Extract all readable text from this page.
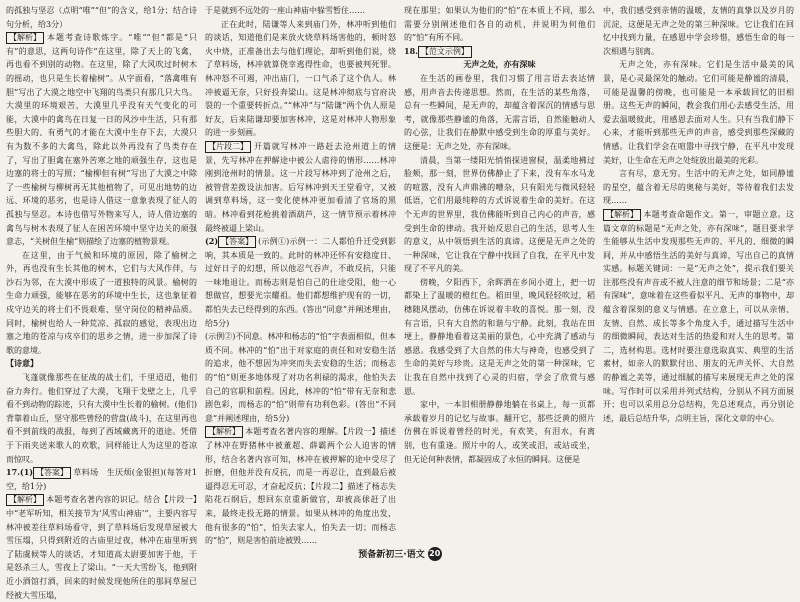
的孤独与坚忍（点明“唯”“但”的含义，给1分；结合诗句分析，给3分）

【解析】 本题考查诗歌炼字。“唯”“但”都是“只有”的意思，这两句诗作“在这里，除了天上的飞禽，再也看不到别的动物。在这里，除了大风吹过时树木的摇动，也只是生长着榆树”。从字面看，“落禽唯有胆”写出了大漠之地空中飞翔的鸟类只有那几只大鸟。大漠里的环境艰苦，大漠里几乎没有天气变化的可能，大漠中的禽鸟在日复一日的风沙中生活，只有那些胆大的、有勇气的才能在大漠中生存下去，大漠只有为数不多的大禽鸟，除此以外再没有了鸟类存在了，写出了胆禽在塞外苦寒之地的顽强生存，这也是边塞的将士的写照；“榆柳但有树”写出了大漠之中除了一些榆树与柳树再无其他植物了，可见出地势的边远、环境的恶劣，也是诗人借这一意象表现了征人的孤独与坚忍。本诗也借写外物来写人，诗人借边塞的禽鸟与树木表现了征人在困苦环境中坚守边关的顽强意志，“关树但生榆”则描绘了边塞的植物景观。

在这里，由于气候和环境的原因，除了榆树之外，再也没有生长其他的树木，它们与大风作伴，与沙石为邻，在大漠中形成了一道独特的风景。榆树的生命力顽强，能够在恶劣的环境中生长，这也象征着戍守边关的将士们不畏艰难、坚守岗位的精神品质。同时，榆树也给人一种荒凉、孤寂的感觉，表现出边塞之地的苍凉与戍卒们的思乡之情，进一步加深了诗歌的意境。

【诗意】

飞蓬就像那些在征战的战士们，千里迢迢，他们奋力奔行。他们穿过了大漠，飞翔于戈壁之上，几乎看不到动物的踪迹，只有大漠中生长着的榆树。(他们)背靠着山丘，坚守那些曾经的营盘(战斗)，在这里再也看不到前线的战报，每到了西域藏离开的道途。凭借于下雨夹送来歌人的欢歌，同样能让人为这里的苍凉而惊叹。

17.(1) 【答案】 草料场　生厌烦(金银担)(每答对1空，给1分)

【解析】 本题考查名著内容的识记。结合【片段一】中“老军听知，相关接节为‘风雪山神庙’”，主要内容写林冲被差往草料场看守，到了草料场后发现草屋被大雪压塌，只得到附近的古庙里过夜，林冲在庙里听到了陆虞候等人的谈话，才知道高太尉要加害于他，于是怒杀三人，雪夜上了梁山。“一天大雪纷飞，他到附近小酒馆打酒，回来的时候发现他所住的那间草屋已经被大雪压塌，

于是就到不远处的一座山神庙中躲雪暂住……

正在此时，陆谦等人来到庙门外，林冲听到他们的谈话，知道他们是来放火烧草料场害他的，顿时怒火中烧，正准备出去与他们理论，却听到他们说，烧了草料场，林冲就算侥幸逃得性命，也要被判死罪。林冲怒不可遏，冲出庙门，一口气杀了这个仇人。林冲被逼无奈，只好投奔梁山。这是林冲彻底与官府决裂的一个重要转折点。”“林冲”与“陆谦”两个仇人原是好友，后来陆谦却要加害林冲，这是对林冲人物形象的进一步刻画。

【片段二】 开篇就写林冲一路赶去沧州道上的情景，先写林冲在押解途中被公人虐待的情形……林冲刚到沧州时的情景。这一片段写林冲到了沧州之后，被管营差拨设法加害。后写林冲到天王堂看守，又被调到草料场，这一变化使林冲更加看清了官场的黑暗。林冲看到花枪挑着酒葫芦，这一情节预示着林冲最终被逼上梁山。

(2) 【答案】 (示例①)示例一：二人都怕升迁受到影响，其本质是一致的。此时的林冲还怀有安稳度日、过好日子的幻想，所以他忍气吞声，不敢反抗，只能一味地退让。而杨志则是怕自己的仕途受阻，他一心想做官，想要光宗耀祖。他们都想维护现有的一切，都怕失去已经得到的东西。(答出“同意”并阐述理由，给5分)

(示例②)不同意。林冲和杨志的“怕”字表面相似，但本质不同。林冲的“怕”出于对家庭的责任和对安稳生活的追求，他不想因为冲突而失去安稳的生活；而杨志的“怕”则更多地体现了对功名利禄的渴求，他怕失去自己的官职和前程。因此，林冲的“怕”带有无奈和悲剧色彩，而杨志的“怕”则带有功利色彩。(答出“不同意”并阐述理由，给5分)

【解析】 本题考查名著内容的理解。【片段一】描述了林冲在野猪林中被董超、薛霸两个公人迫害的情形，结合名著内容可知，林冲在被押解的途中受尽了折磨，但他并没有反抗，而是一再忍让，直到最后被逼得忍无可忍，才奋起反抗；【片段二】描述了杨志失陷花石纲后，想回东京重新做官，却被高俅赶了出来，最终走投无路的情景。如果从林冲的角度出发，他有很多的“怕”，怕失去家人，怕失去一切；而杨志的“怕”，则是害怕前途被毁……

现在那里；如果认为他们的“怕”在本质上不同，那么需要分别阐述他们各自的动机，并说明为何他们的“怕”有所不同。

18. 【范文示例】

无声之处，亦有深味

在生活的画卷里，我们习惯了用言语去表达情感，用声音去传递思想。然而，在生活的某些角落，总有一些瞬间，是无声的，却蕴含着深沉的情感与思考，就像那些静谧的角落，无需言语，自然能触动人的心弦，让我们在静默中感受到生命的厚重与美好。这便是：无声之处，亦有深味。

清晨，当第一缕阳光悄悄探进窗棂，温柔地拂过脸颊，那一刻，世界仿佛静止了下来，没有车水马龙的喧嚣，没有人声鼎沸的嘈杂，只有阳光与微风轻轻低语，它们用最纯粹的方式诉说着生命的美好。在这个无声的世界里，我仿佛能听到自己内心的声音，感受到生命的律动。我开始反思自己的生活，思考人生的意义，从中领悟到生活的真谛。这便是无声之处的一种深味，它让我在宁静中找回了自我，在平凡中发现了不平凡的美。

傍晚，夕阳西下，余晖洒在乡间小道上，把一切都染上了温暖的橙红色。稻田里，晚风轻轻吹过，稻穗随风摆动，仿佛在诉说着丰收的喜悦。那一刻，没有言语，只有大自然的和谐与宁静。此刻，我站在田埂上，静静地看着这美丽的景色，心中充满了感动与感恩。我感受到了大自然的伟大与神奇，也感受到了生命的美好与珍贵。这是无声之处的第一种深味，它让我在自然中找到了心灵的归宿，学会了欣赏与感恩。

家中，一本旧相册静静地躺在书桌上，每一页都承载着岁月的记忆与故事。翻开它，那些泛黄的照片仿佛在诉说着曾经的时光，有欢笑，有泪水，有离别，也有重逢。照片中的人，或笑或泪，或站或坐，但无论何种表情，都凝固成了永恒的瞬间。这便是

中，我们感受到亲情的温暖，友情的真挚以及岁月的沉淀，这便是无声之处的第三种深味。它让我们在回忆中找到力量，在感恩中学会珍惜，感悟生命的每一次相遇与别离。

无声之处，亦有深味。它们是生活中最美的风景，是心灵最深处的触动。它们可能是静谧的清晨，可能是温馨的傍晚，也可能是一本承载回忆的旧相册。这些无声的瞬间，教会我们用心去感受生活，用爱去温暖彼此，用感恩去面对人生。只有当我们静下心来，才能听到那些无声的声音，感受到那些深藏的情感。让我们学会在喧嚣中寻找宁静，在平凡中发现美好，让生命在无声之处绽放出最美的光彩。

言有尽，意无穷。生活中的无声之处，如同静谧的星空，蕴含着无尽的奥秘与美好，等待着我们去发现……

【解析】 本题考查命题作文。第一，审题立意。这篇文章的标题是“无声之处，亦有深味”，题目要求学生能够从生活中发现那些无声的、平凡的、细微的瞬间，并从中感悟生活的美好与真谛，写出自己的真情实感。标题关键词：一是“无声之处”，提示我们要关注那些没有声音或不被人注意的细节和场景；二是“亦有深味”，意味着在这些看似平凡、无声的事物中，却蕴含着深刻的意义与情感。在立意上，可以从亲情、友情、自然、成长等多个角度入手，通过描写生活中的细微瞬间，表达对生活的热爱和对人生的思考。第二，选材构思。选材时要注意选取真实、典型的生活素材，如亲人的默默付出、朋友的无声关怀、大自然的静谧之美等，通过细腻的描写来展现无声之处的深味。写作时可以采用并列式结构，分别从不同方面展开；也可以采用总分总结构，先总述观点，再分别论述，最后总结升华，点明主旨，深化文章的中心。

预备新初三·语文 20
